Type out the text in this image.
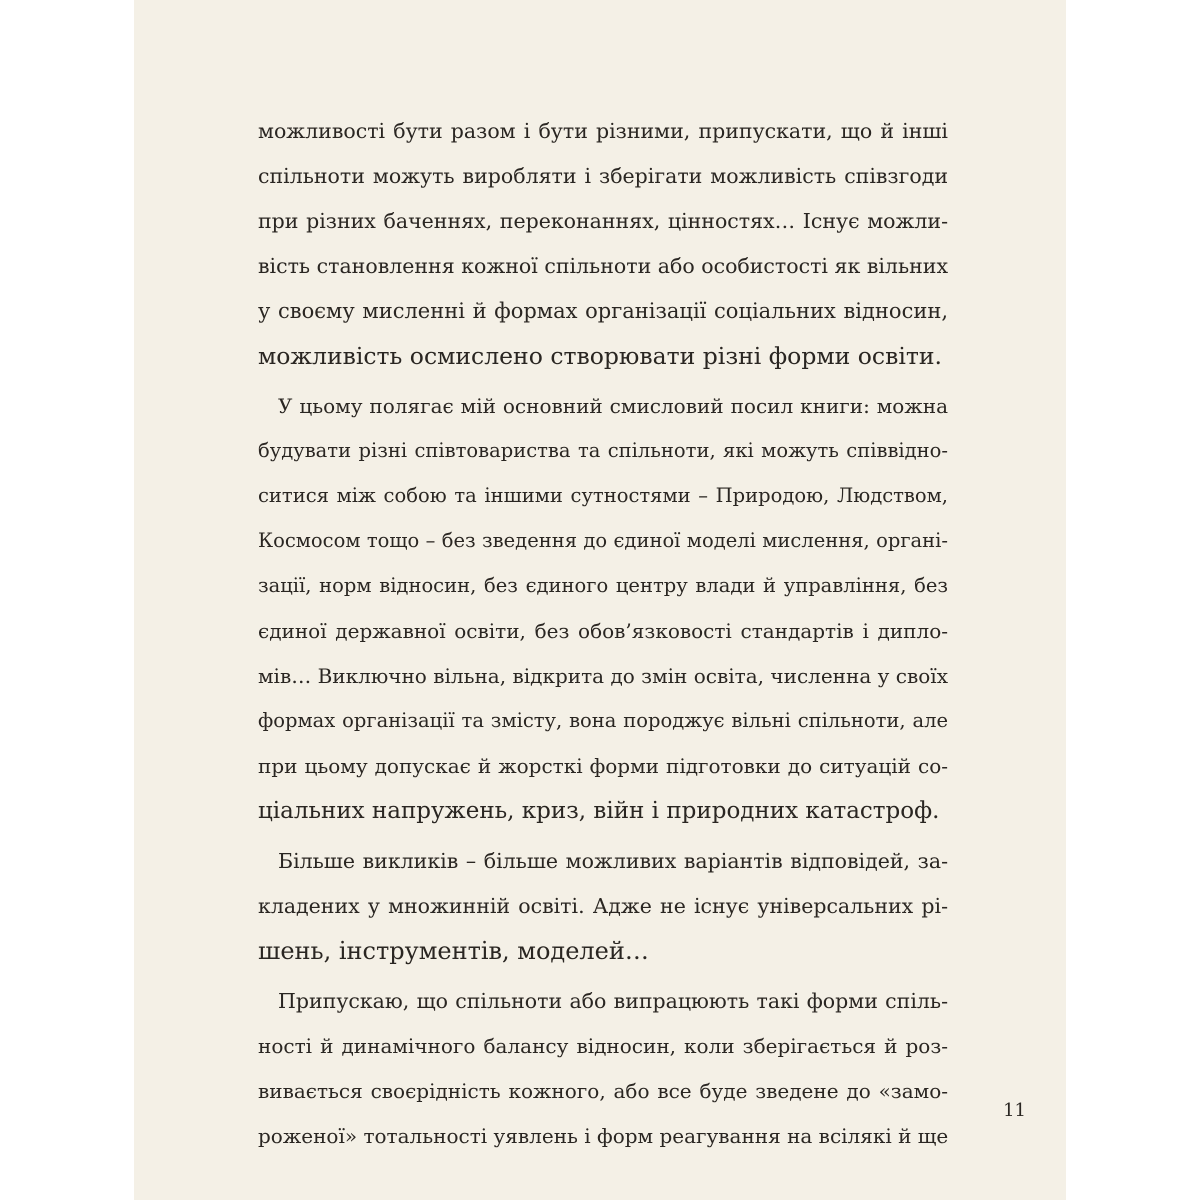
можливості бути разом і бути різними, припускати, що й інші
спільноти можуть виробляти і зберігати можливість співзгоди
при різних баченнях, переконаннях, цінностях… Існує можли-
вість становлення кожної спільноти або особистості як вільних
у своєму мисленні й формах організації соціальних відносин,
можливість осмислено створювати різні форми освіти.
У цьому полягає мій основний смисловий посил книги: можна
будувати різні співтовариства та спільноти, які можуть співвідно-
ситися між собою та іншими сутностями – Природою, Людством,
Космосом тощо – без зведення до єдиної моделі мислення, органі-
зації, норм відносин, без єдиного центру влади й управління, без
єдиної державної освіти, без обов’язковості стандартів і дипло-
мів… Виключно вільна, відкрита до змін освіта, численна у своїх
формах організації та змісту, вона породжує вільні спільноти, але
при цьому допускає й жорсткі форми підготовки до ситуацій со-
ціальних напружень, криз, війн і природних катастроф.
Більше викликів – більше можливих варіантів відповідей, за-
кладених у множинній освіті. Адже не існує універсальних рі-
шень, інструментів, моделей…
Припускаю, що спільноти або випрацюють такі форми спіль-
ності й динамічного балансу відносин, коли зберігається й роз-
вивається своєрідність кожного, або все буде зведене до «замо-
роженої» тотальності уявлень і форм реагування на всілякі й ще
11
